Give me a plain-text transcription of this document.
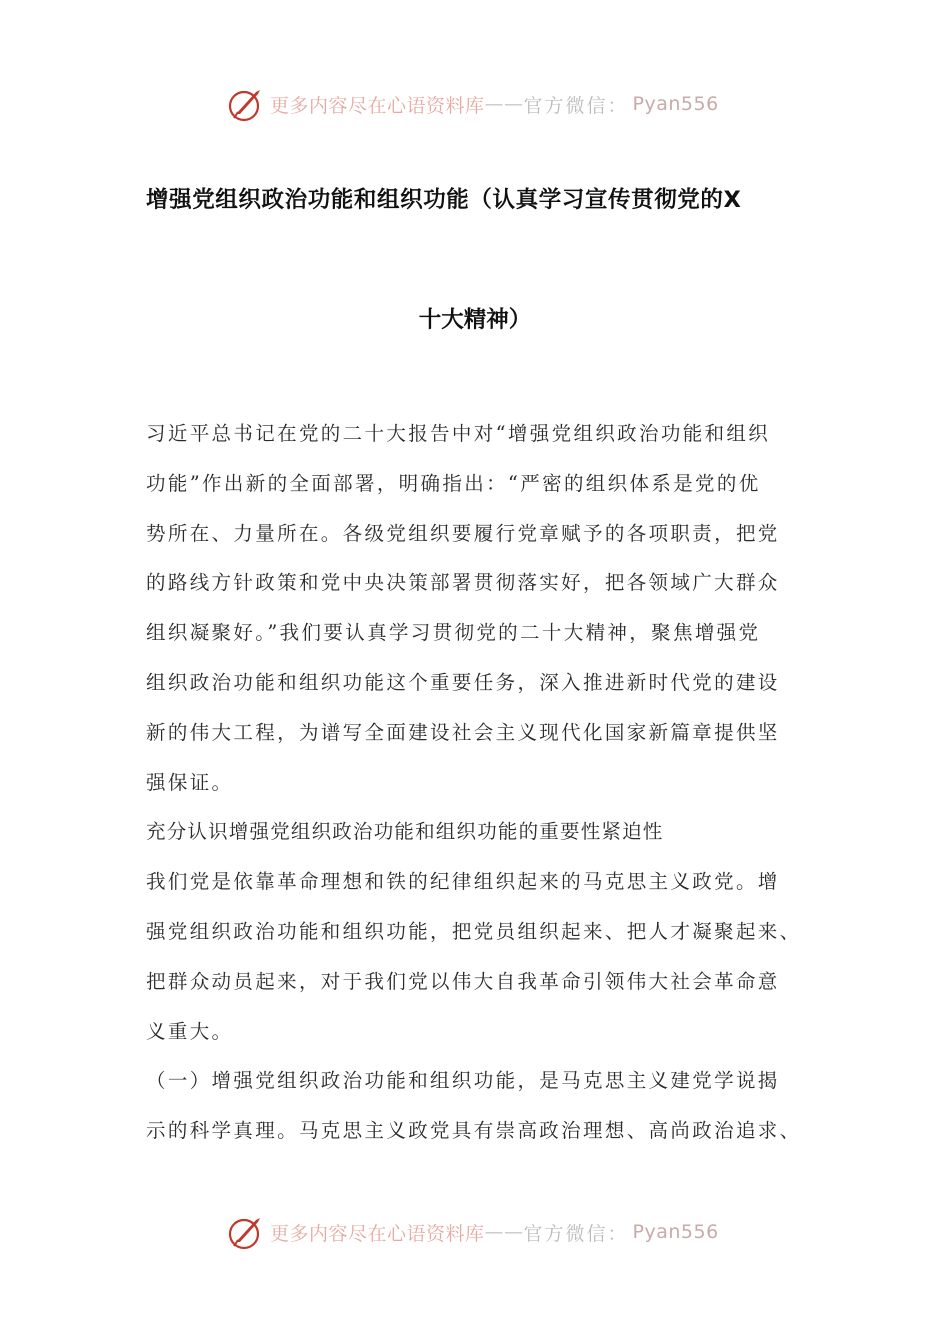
更多内容尽在心语资料库 —— 官方微信： Pyan556
增强党组织政治功能和组织功能（认真学习宣传贯彻党的X
十大精神）
习近平总书记在党的二十大报告中对“增强党组织政治功能和组织
功能”作出新的全面部署，明确指出：“严密的组织体系是党的优
势所在、力量所在。各级党组织要履行党章赋予的各项职责，把党
的路线方针政策和党中央决策部署贯彻落实好，把各领域广大群众
组织凝聚好。”我们要认真学习贯彻党的二十大精神，聚焦增强党
组织政治功能和组织功能这个重要任务，深入推进新时代党的建设
新的伟大工程，为谱写全面建设社会主义现代化国家新篇章提供坚
强保证。
充分认识增强党组织政治功能和组织功能的重要性紧迫性
我们党是依靠革命理想和铁的纪律组织起来的马克思主义政党。增
强党组织政治功能和组织功能，把党员组织起来、把人才凝聚起来、
把群众动员起来，对于我们党以伟大自我革命引领伟大社会革命意
义重大。
（一）增强党组织政治功能和组织功能，是马克思主义建党学说揭
示的科学真理。马克思主义政党具有崇高政治理想、高尚政治追求、
更多内容尽在心语资料库 —— 官方微信： Pyan556
